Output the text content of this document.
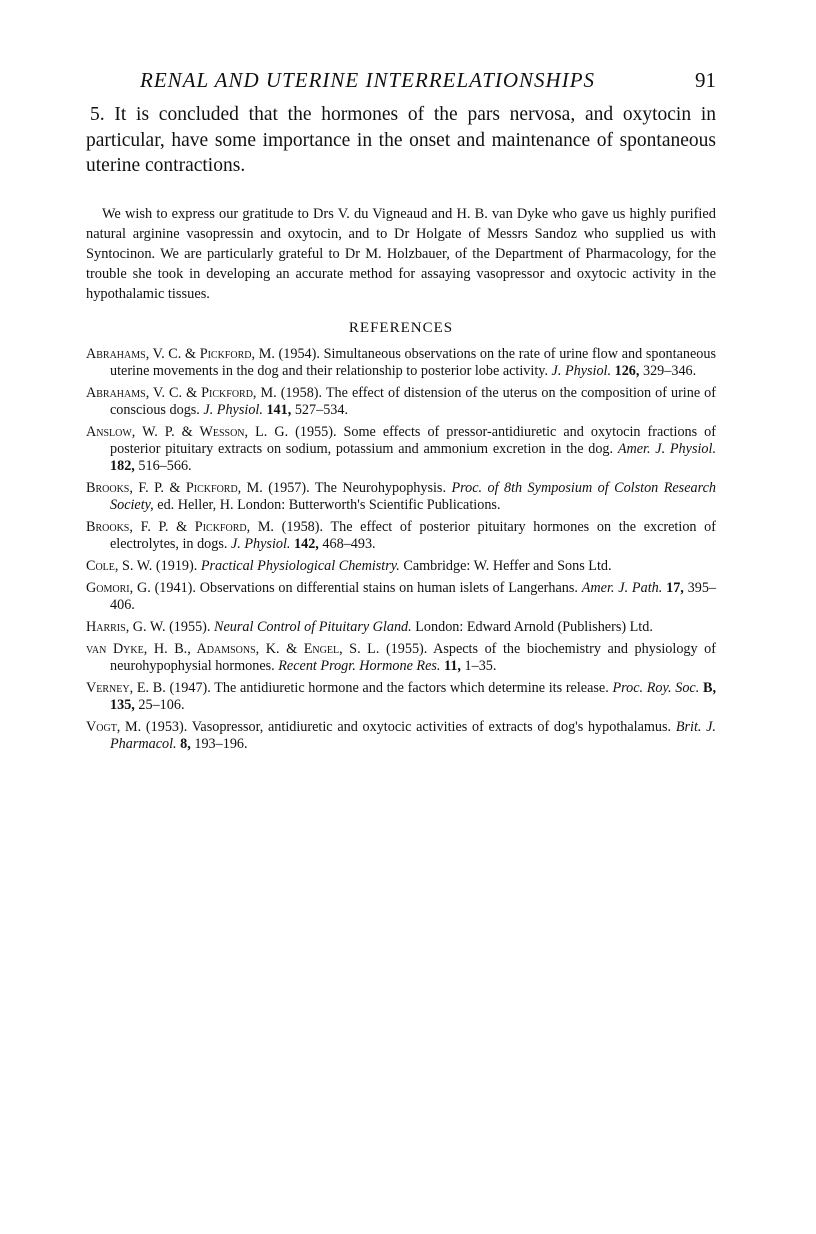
RENAL AND UTERINE INTERRELATIONSHIPS	91

5. It is concluded that the hormones of the pars nervosa, and oxytocin in particular, have some importance in the onset and maintenance of spontaneous uterine contractions.

We wish to express our gratitude to Drs V. du Vigneaud and H. B. van Dyke who gave us highly purified natural arginine vasopressin and oxytocin, and to Dr Holgate of Messrs Sandoz who supplied us with Syntocinon. We are particularly grateful to Dr M. Holzbauer, of the Department of Pharmacology, for the trouble she took in developing an accurate method for assaying vasopressor and oxytocic activity in the hypothalamic tissues.

REFERENCES
Abrahams, V. C. & Pickford, M. (1954). Simultaneous observations on the rate of urine flow and spontaneous uterine movements in the dog and their relationship to posterior lobe activity. J. Physiol. 126, 329–346.
Abrahams, V. C. & Pickford, M. (1958). The effect of distension of the uterus on the composition of urine of conscious dogs. J. Physiol. 141, 527–534.
Anslow, W. P. & Wesson, L. G. (1955). Some effects of pressor-antidiuretic and oxytocin fractions of posterior pituitary extracts on sodium, potassium and ammonium excretion in the dog. Amer. J. Physiol. 182, 516–566.
Brooks, F. P. & Pickford, M. (1957). The Neurohypophysis. Proc. of 8th Symposium of Colston Research Society, ed. Heller, H. London: Butterworth's Scientific Publications.
Brooks, F. P. & Pickford, M. (1958). The effect of posterior pituitary hormones on the excretion of electrolytes, in dogs. J. Physiol. 142, 468–493.
Cole, S. W. (1919). Practical Physiological Chemistry. Cambridge: W. Heffer and Sons Ltd.
Gomori, G. (1941). Observations on differential stains on human islets of Langerhans. Amer. J. Path. 17, 395–406.
Harris, G. W. (1955). Neural Control of Pituitary Gland. London: Edward Arnold (Publishers) Ltd.
van Dyke, H. B., Adamsons, K. & Engel, S. L. (1955). Aspects of the biochemistry and physiology of neurohypophysial hormones. Recent Progr. Hormone Res. 11, 1–35.
Verney, E. B. (1947). The antidiuretic hormone and the factors which determine its release. Proc. Roy. Soc. B, 135, 25–106.
Vogt, M. (1953). Vasopressor, antidiuretic and oxytocic activities of extracts of dog's hypothalamus. Brit. J. Pharmacol. 8, 193–196.
